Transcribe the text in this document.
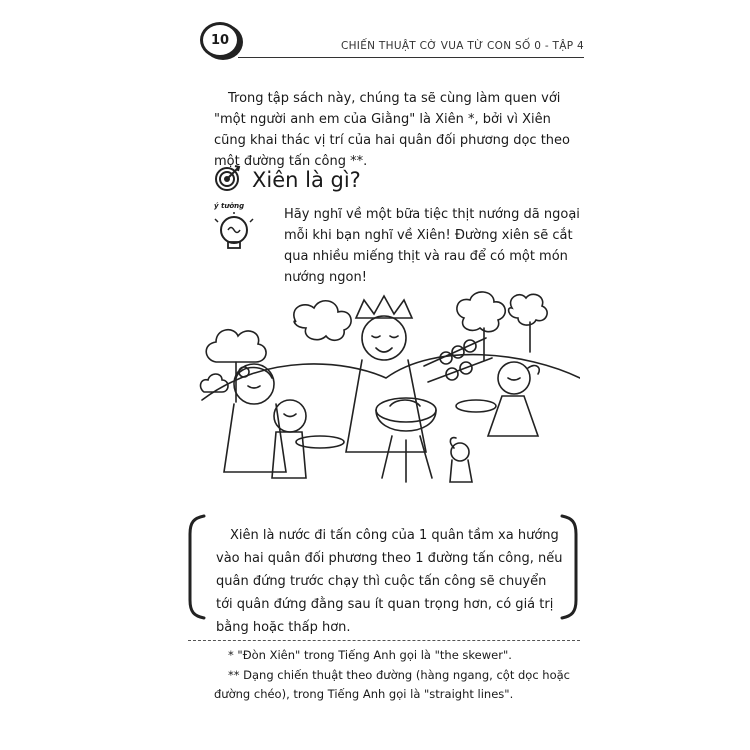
10	CHIẾN THUẬT CỜ VUA TỪ CON SỐ 0 - TẬP 4

Trong tập sách này, chúng ta sẽ cùng làm quen với "một người anh em của Giằng" là Xiên *, bởi vì Xiên cũng khai thác vị trí của hai quân đối phương dọc theo một đường tấn công **.

Xiên là gì?
ý tưởng
Hãy nghĩ về một bữa tiệc thịt nướng dã ngoại mỗi khi bạn nghĩ về Xiên! Đường xiên sẽ cắt qua nhiều miếng thịt và rau để có một món nướng ngon!
Xiên là nước đi tấn công của 1 quân tầm xa hướng vào hai quân đối phương theo 1 đường tấn công, nếu quân đứng trước chạy thì cuộc tấn công sẽ chuyển tới quân đứng đằng sau ít quan trọng hơn, có giá trị bằng hoặc thấp hơn.
* "Đòn Xiên" trong Tiếng Anh gọi là "the skewer".
** Dạng chiến thuật theo đường (hàng ngang, cột dọc hoặc đường chéo), trong Tiếng Anh gọi là "straight lines".
